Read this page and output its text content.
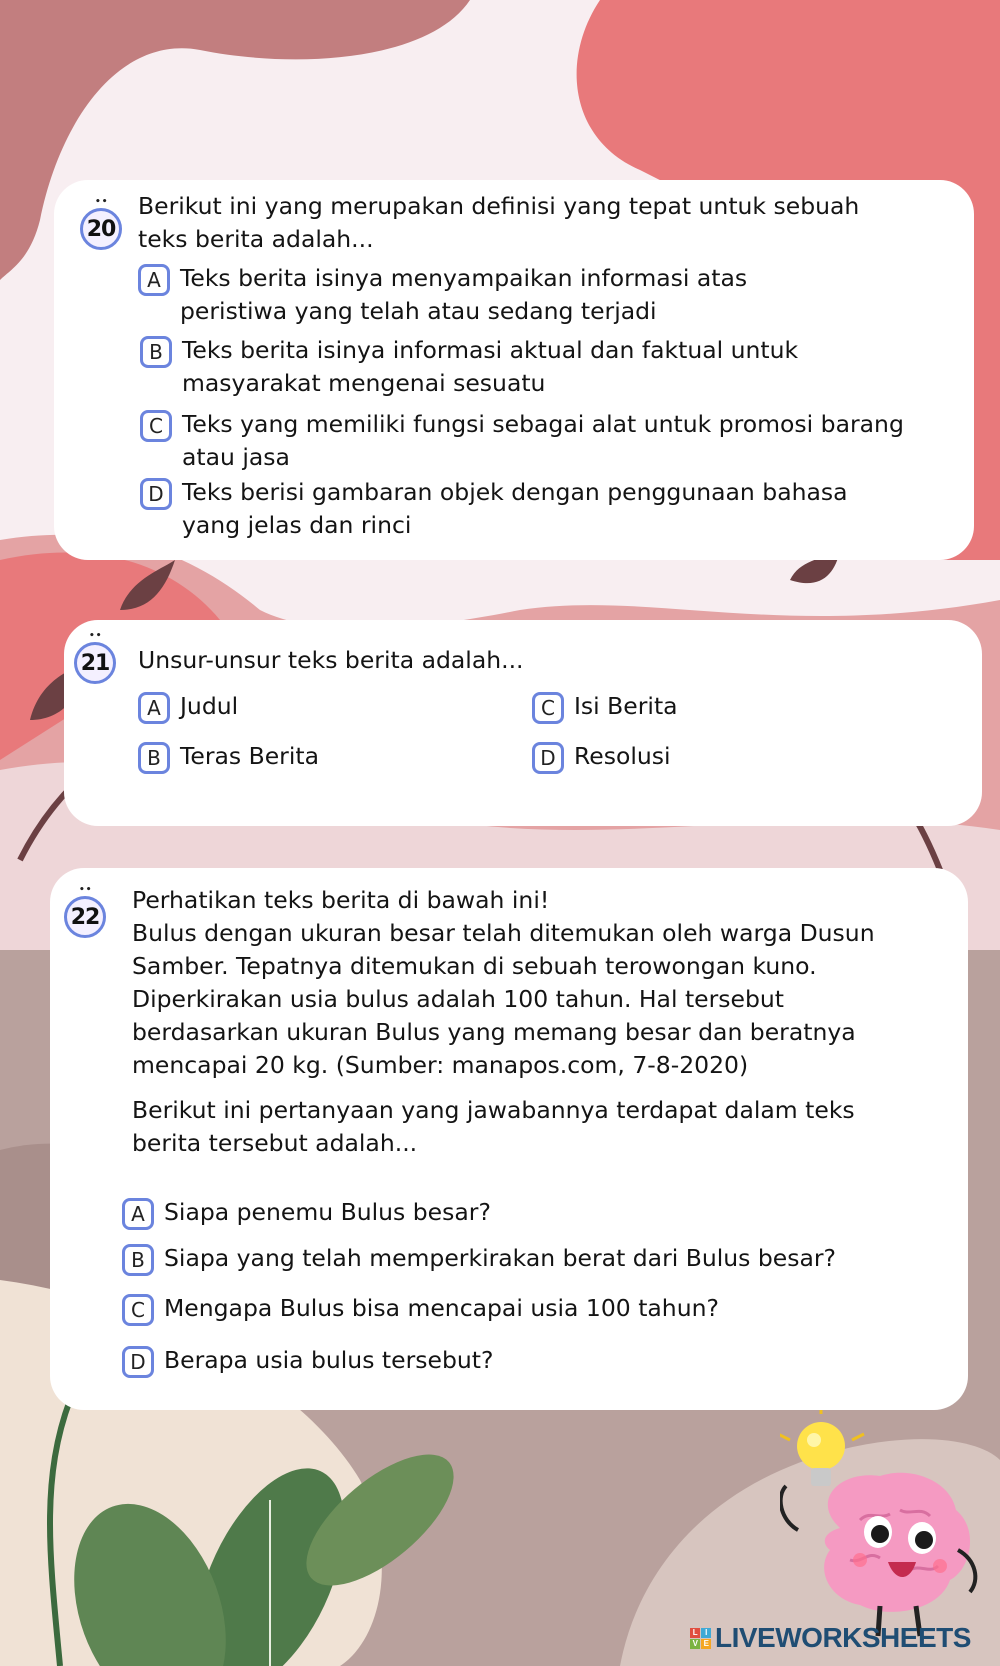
•• 20
Berikut ini yang merupakan definisi yang tepat untuk sebuah
teks berita adalah...
A Teks berita isinya menyampaikan informasi atas
peristiwa yang telah atau sedang terjadi
B Teks berita isinya informasi aktual dan faktual untuk
masyarakat mengenai sesuatu
C Teks yang memiliki fungsi sebagai alat untuk promosi barang
atau jasa
D Teks berisi gambaran objek dengan penggunaan bahasa
yang jelas dan rinci
•• 21 Unsur-unsur teks berita adalah...
A Judul
B Teras Berita
C Isi Berita
D Resolusi
•• 22
Perhatikan teks berita di bawah ini!
Bulus dengan ukuran besar telah ditemukan oleh warga Dusun
Samber. Tepatnya ditemukan di sebuah terowongan kuno.
Diperkirakan usia bulus adalah 100 tahun. Hal tersebut
berdasarkan ukuran Bulus yang memang besar dan beratnya
mencapai 20 kg. (Sumber: manapos.com, 7-8-2020)
Berikut ini pertanyaan yang jawabannya terdapat dalam teks
berita tersebut adalah...
A Siapa penemu Bulus besar?
B Siapa yang telah memperkirakan berat dari Bulus besar?
C Mengapa Bulus bisa mencapai usia 100 tahun?
D Berapa usia bulus tersebut?
L I
V E LIVEWORKSHEETS
